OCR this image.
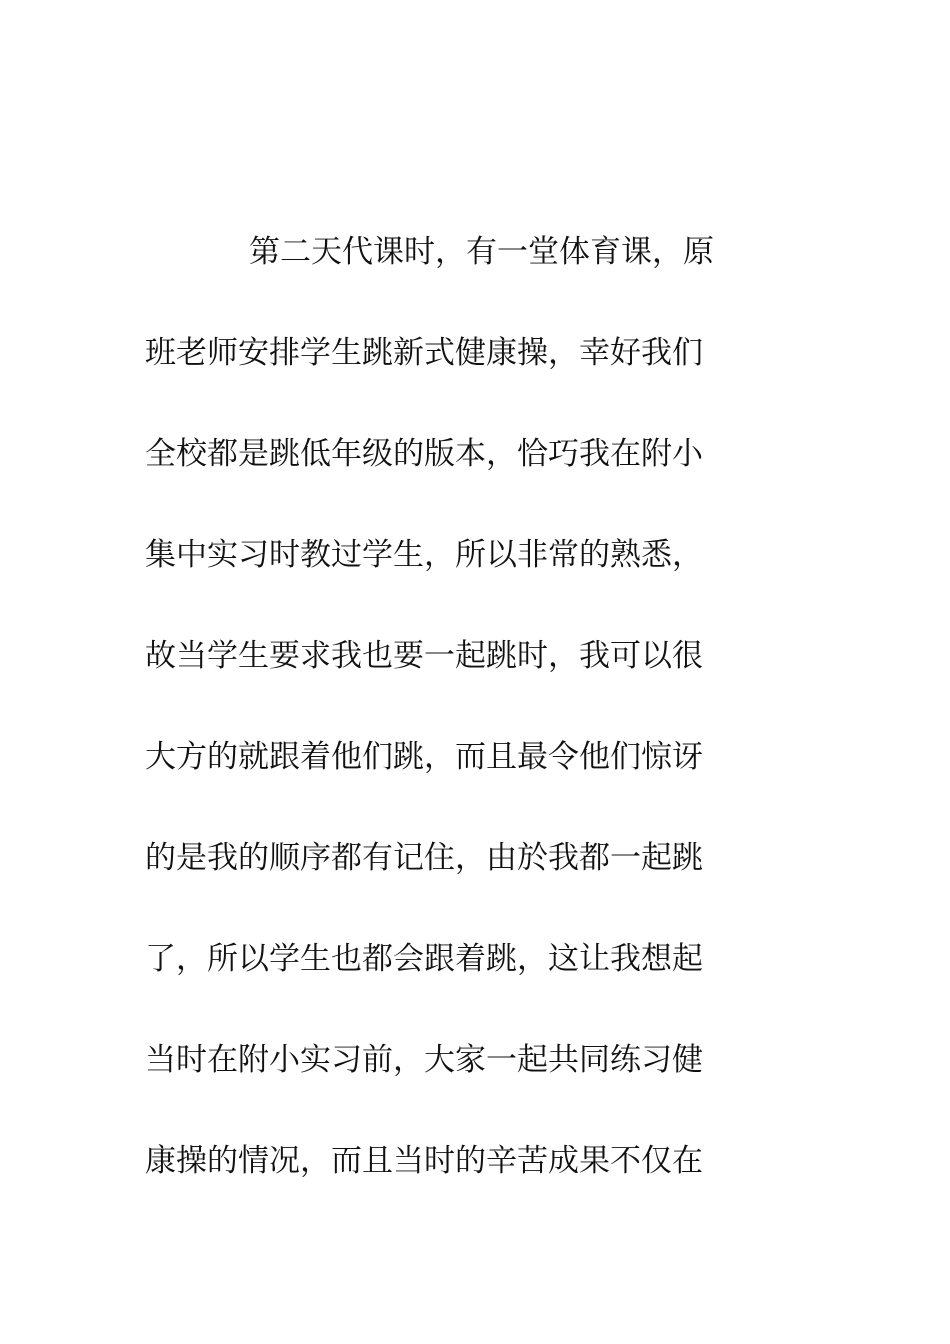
第二天代课时，有一堂体育课，原
班老师安排学生跳新式健康操，幸好我们
全校都是跳低年级的版本，恰巧我在附小
集中实习时教过学生，所以非常的熟悉，
故当学生要求我也要一起跳时，我可以很
大方的就跟着他们跳，而且最令他们惊讶
的是我的顺序都有记住，由於我都一起跳
了，所以学生也都会跟着跳，这让我想起
当时在附小实习前，大家一起共同练习健
康操的情况，而且当时的辛苦成果不仅在
